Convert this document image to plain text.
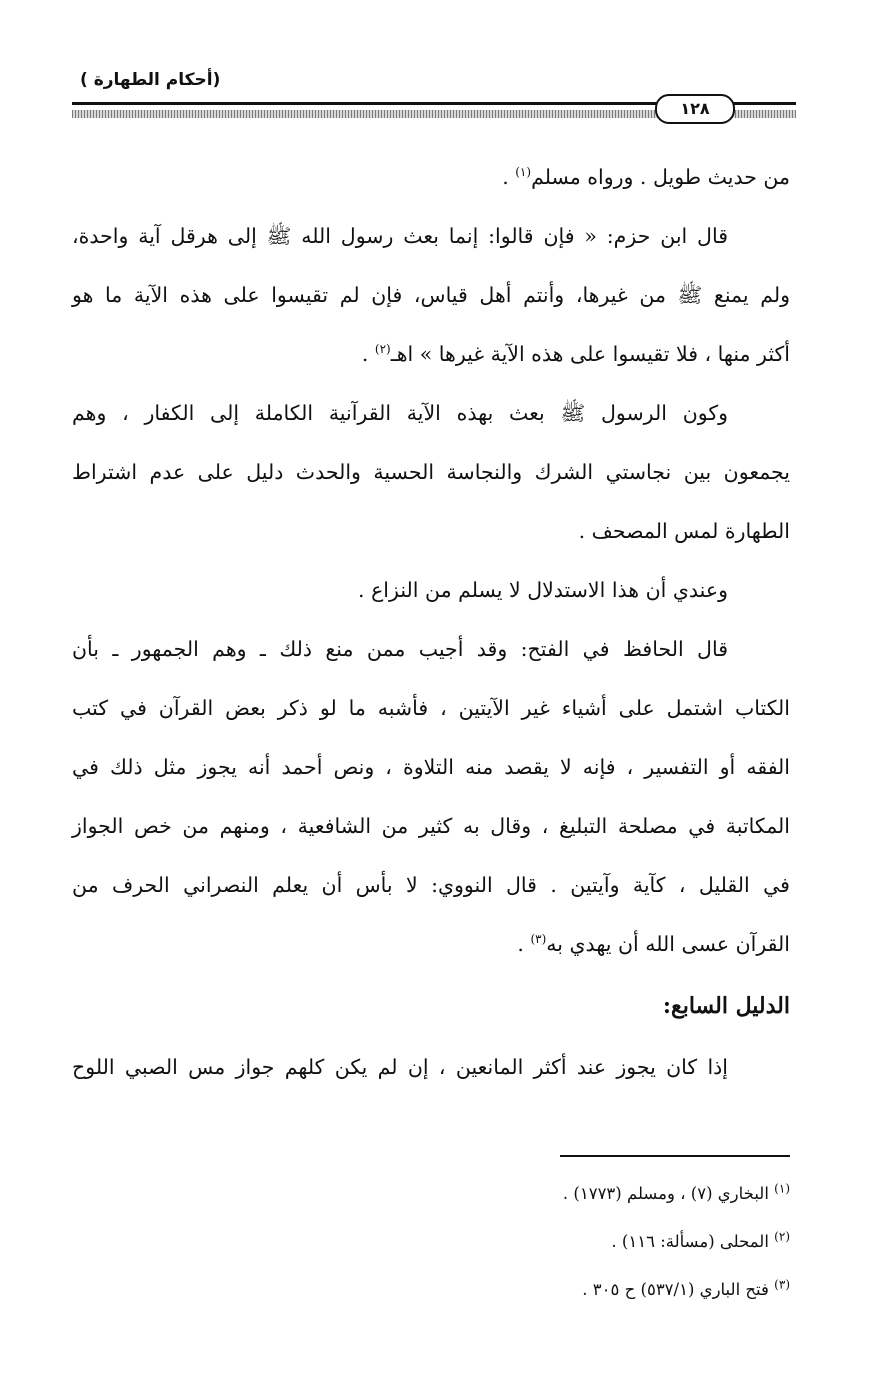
(أحكام الطهارة )
١٢٨
من حديث طويل . ورواه مسلم$^{(١)}$ .
قال ابن حزم: « فإن قالوا: إنما بعث رسول الله ﷺ إلى هرقل آية واحدة،
ولم يمنع ﷺ من غيرها، وأنتم أهل قياس، فإن لم تقيسوا على هذه الآية ما هو
أكثر منها ، فلا تقيسوا على هذه الآية غيرها » اهـ$^{(٢)}$ .
وكون الرسول ﷺ بعث بهذه الآية القرآنية الكاملة إلى الكفار ، وهم
يجمعون بين نجاستي الشرك والنجاسة الحسية والحدث دليل على عدم اشتراط
الطهارة لمس المصحف .
وعندي أن هذا الاستدلال لا يسلم من النزاع .
قال الحافظ في الفتح: وقد أجيب ممن منع ذلك ـ وهم الجمهور ـ بأن
الكتاب اشتمل على أشياء غير الآيتين ، فأشبه ما لو ذكر بعض القرآن في كتب
الفقه أو التفسير ، فإنه لا يقصد منه التلاوة ، ونص أحمد أنه يجوز مثل ذلك في
المكاتبة في مصلحة التبليغ ، وقال به كثير من الشافعية ، ومنهم من خص الجواز
في القليل ، كآية وآيتين . قال النووي: لا بأس أن يعلم النصراني الحرف من
القرآن عسى الله أن يهدي به$^{(٣)}$ .
الدليل السابع:
إذا كان يجوز عند أكثر المانعين ، إن لم يكن كلهم جواز مس الصبي اللوح
$^{(١)}$ البخاري (٧) ، ومسلم (١٧٧٣) .
$^{(٢)}$ المحلى (مسألة: ١١٦) .
$^{(٣)}$ فتح الباري (٥٣٧/١) ح ٣٠٥ .
